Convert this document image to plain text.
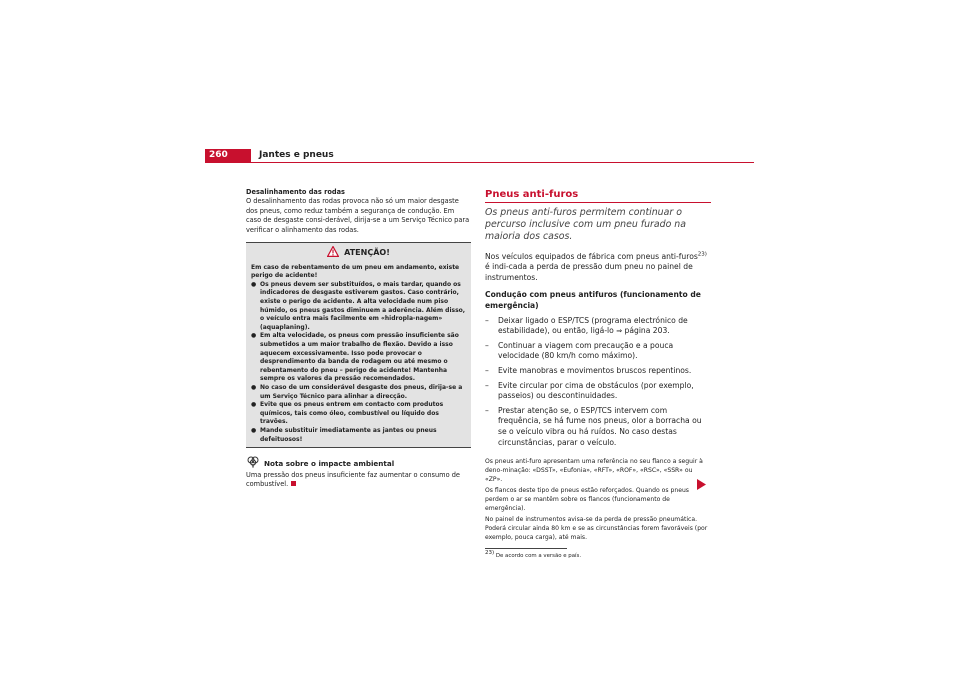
260	Jantes e pneus
Desalinhamento das rodas
O desalinhamento das rodas provoca não só um maior desgaste dos pneus, como reduz também a segurança de condução. Em caso de desgaste consi-derável, dirija-se a um Serviço Técnico para verificar o alinhamento das rodas.
ATENÇÃO!

Em caso de rebentamento de um pneu em andamento, existe perigo de acidente!

● Os pneus devem ser substituídos, o mais tardar, quando os indicadores de desgaste estiverem gastos. Caso contrário, existe o perigo de acidente. A alta velocidade num piso húmido, os pneus gastos diminuem a aderência. Além disso, o veículo entra mais facilmente em «hidropla-nagem» (aquaplaning).
● Em alta velocidade, os pneus com pressão insuficiente são submetidos a um maior trabalho de flexão. Devido a isso aquecem excessivamente. Isso pode provocar o desprendimento da banda de rodagem ou até mesmo o rebentamento do pneu – perigo de acidente! Mantenha sempre os valores da pressão recomendados.
● No caso de um considerável desgaste dos pneus, dirija-se a um Serviço Técnico para alinhar a direcção.
● Evite que os pneus entrem em contacto com produtos químicos, tais como óleo, combustível ou líquido dos travões.
● Mande substituir imediatamente as jantes ou pneus defeituosos!
Nota sobre o impacte ambiental
Uma pressão dos pneus insuficiente faz aumentar o consumo de combustível.
Pneus anti-furos

Os pneus anti-furos permitem continuar o percurso inclusive com um pneu furado na maioria dos casos.

Nos veículos equipados de fábrica com pneus anti-furos$^{23)}$ é indi-cada a perda de pressão dum pneu no painel de instrumentos.

Condução com pneus antifuros (funcionamento de emergência)

–	Deixar ligado o ESP/TCS (programa electrónico de estabilidade), ou então, ligá-lo ⇒ página 203.
–	Continuar a viagem com precaução e a pouca velocidade (80 km/h como máximo).
–	Evite manobras e movimentos bruscos repentinos.
–	Evite circular por cima de obstáculos (por exemplo, passeios) ou descontinuidades.
–	Prestar atenção se, o ESP/TCS intervem com frequência, se há fume nos pneus, olor a borracha ou se o veículo vibra ou há ruídos. No caso destas circunstâncias, parar o veículo.

Os pneus anti-furo apresentam uma referência no seu flanco a seguir à deno-minação: «DSST», «Eufonia», «RFT», «ROF», «RSC», «SSR» ou «ZP».

Os flancos deste tipo de pneus estão reforçados. Quando os pneus perdem o ar se mantêm sobre os flancos (funcionamento de emergência).

No painel de instrumentos avisa-se da perda de pressão pneumática. Poderá circular ainda 80 km e se as circunstâncias forem favoráveis (por exemplo, pouca carga), até mais.

$^{23)}$ De acordo com a versão e país.
